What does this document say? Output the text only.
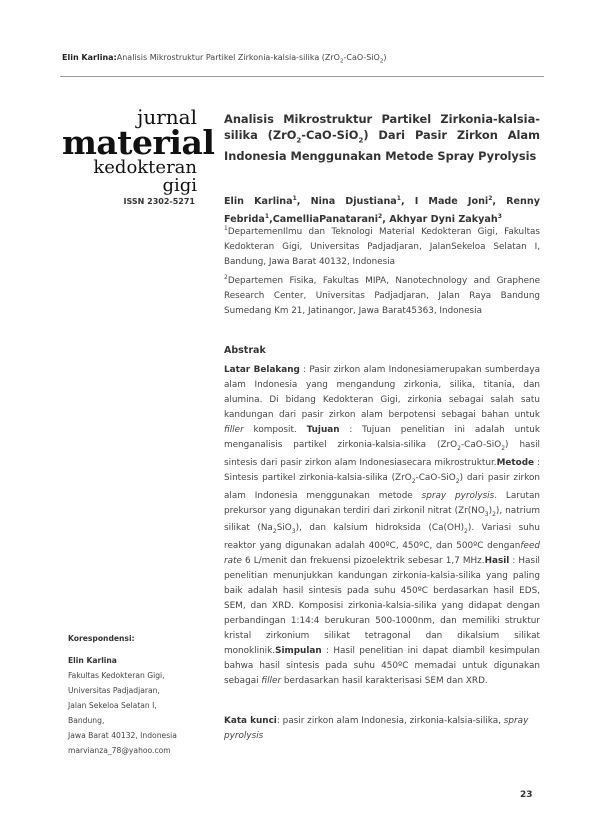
Elin Karlina:Analisis Mikrostruktur Partikel Zirkonia-kalsia-silika (ZrO$_2$-CaO-SiO$_2$)
jurnal
material
kedokteran gigi
ISSN 2302-5271
Analisis Mikrostruktur Partikel Zirkonia-kalsia-silika (ZrO$_2$-CaO-SiO$_2$) Dari Pasir Zirkon Alam Indonesia Menggunakan Metode Spray Pyrolysis
Elin Karlina$^1$, Nina Djustiana$^1$, I Made Joni$^2$, Renny Febrida$^1$,CamelliaPanatarani$^2$, Akhyar Dyni Zakyah$^3$

$^1$DepartemenIlmu dan Teknologi Material Kedokteran Gigi, Fakultas Kedokteran Gigi, Universitas Padjadjaran, JalanSekeloa Selatan I, Bandung, Jawa Barat 40132, Indonesia

$^2$Departemen Fisika, Fakultas MIPA, Nanotechnology and Graphene Research Center, Universitas Padjadjaran, Jalan Raya Bandung Sumedang Km 21, Jatinangor, Jawa Barat45363, Indonesia

Abstrak
Latar Belakang : Pasir zirkon alam Indonesiamerupakan sumberdaya alam Indonesia yang mengandung zirkonia, silika, titania, dan alumina. Di bidang Kedokteran Gigi, zirkonia sebagai salah satu kandungan dari pasir zirkon alam berpotensi sebagai bahan untuk filler komposit. Tujuan : Tujuan penelitian ini adalah untuk menganalisis partikel zirkonia-kalsia-silika (ZrO$_2$-CaO-SiO$_2$) hasil sintesis dari pasir zirkon alam Indonesiasecara mikrostruktur.Metode : Sintesis partikel zirkonia-kalsia-silika (ZrO$_2$-CaO-SiO$_2$) dari pasir zirkon alam Indonesia menggunakan metode spray pyrolysis. Larutan prekursor yang digunakan terdiri dari zirkonil nitrat $(Zr(NO_3)_2)$, natrium silikat $(Na_2SiO_3)$, dan kalsium hidroksida $(Ca(OH)_2)$. Variasi suhu reaktor yang digunakan adalah 400ºC, 450ºC, dan 500ºC denganfeed rate 6 L/menit dan frekuensi pizoelektrik sebesar 1,7 MHz.Hasil : Hasil penelitian menunjukkan kandungan zirkonia-kalsia-silika yang paling baik adalah hasil sintesis pada suhu 450ºC berdasarkan hasil EDS, SEM, dan XRD. Komposisi zirkonia-kalsia-silika yang didapat dengan perbandingan 1:14:4 berukuran 500-1000nm, dan memiliki struktur kristal zirkonium silikat tetragonal dan dikalsium silikat monoklinik.Simpulan : Hasil penelitian ini dapat diambil kesimpulan bahwa hasil sintesis pada suhu 450ºC memadai untuk digunakan sebagai filler berdasarkan hasil karakterisasi SEM dan XRD.
Kata kunci: pasir zirkon alam Indonesia, zirkonia-kalsia-silika, spray pyrolysis
Korespondensi:
Elin Karlina
Fakultas Kedokteran Gigi,
Universitas Padjadjaran,
Jalan Sekeloa Selatan I,
Bandung,
Jawa Barat 40132, Indonesia
marvianza_78@yahoo.com
23
